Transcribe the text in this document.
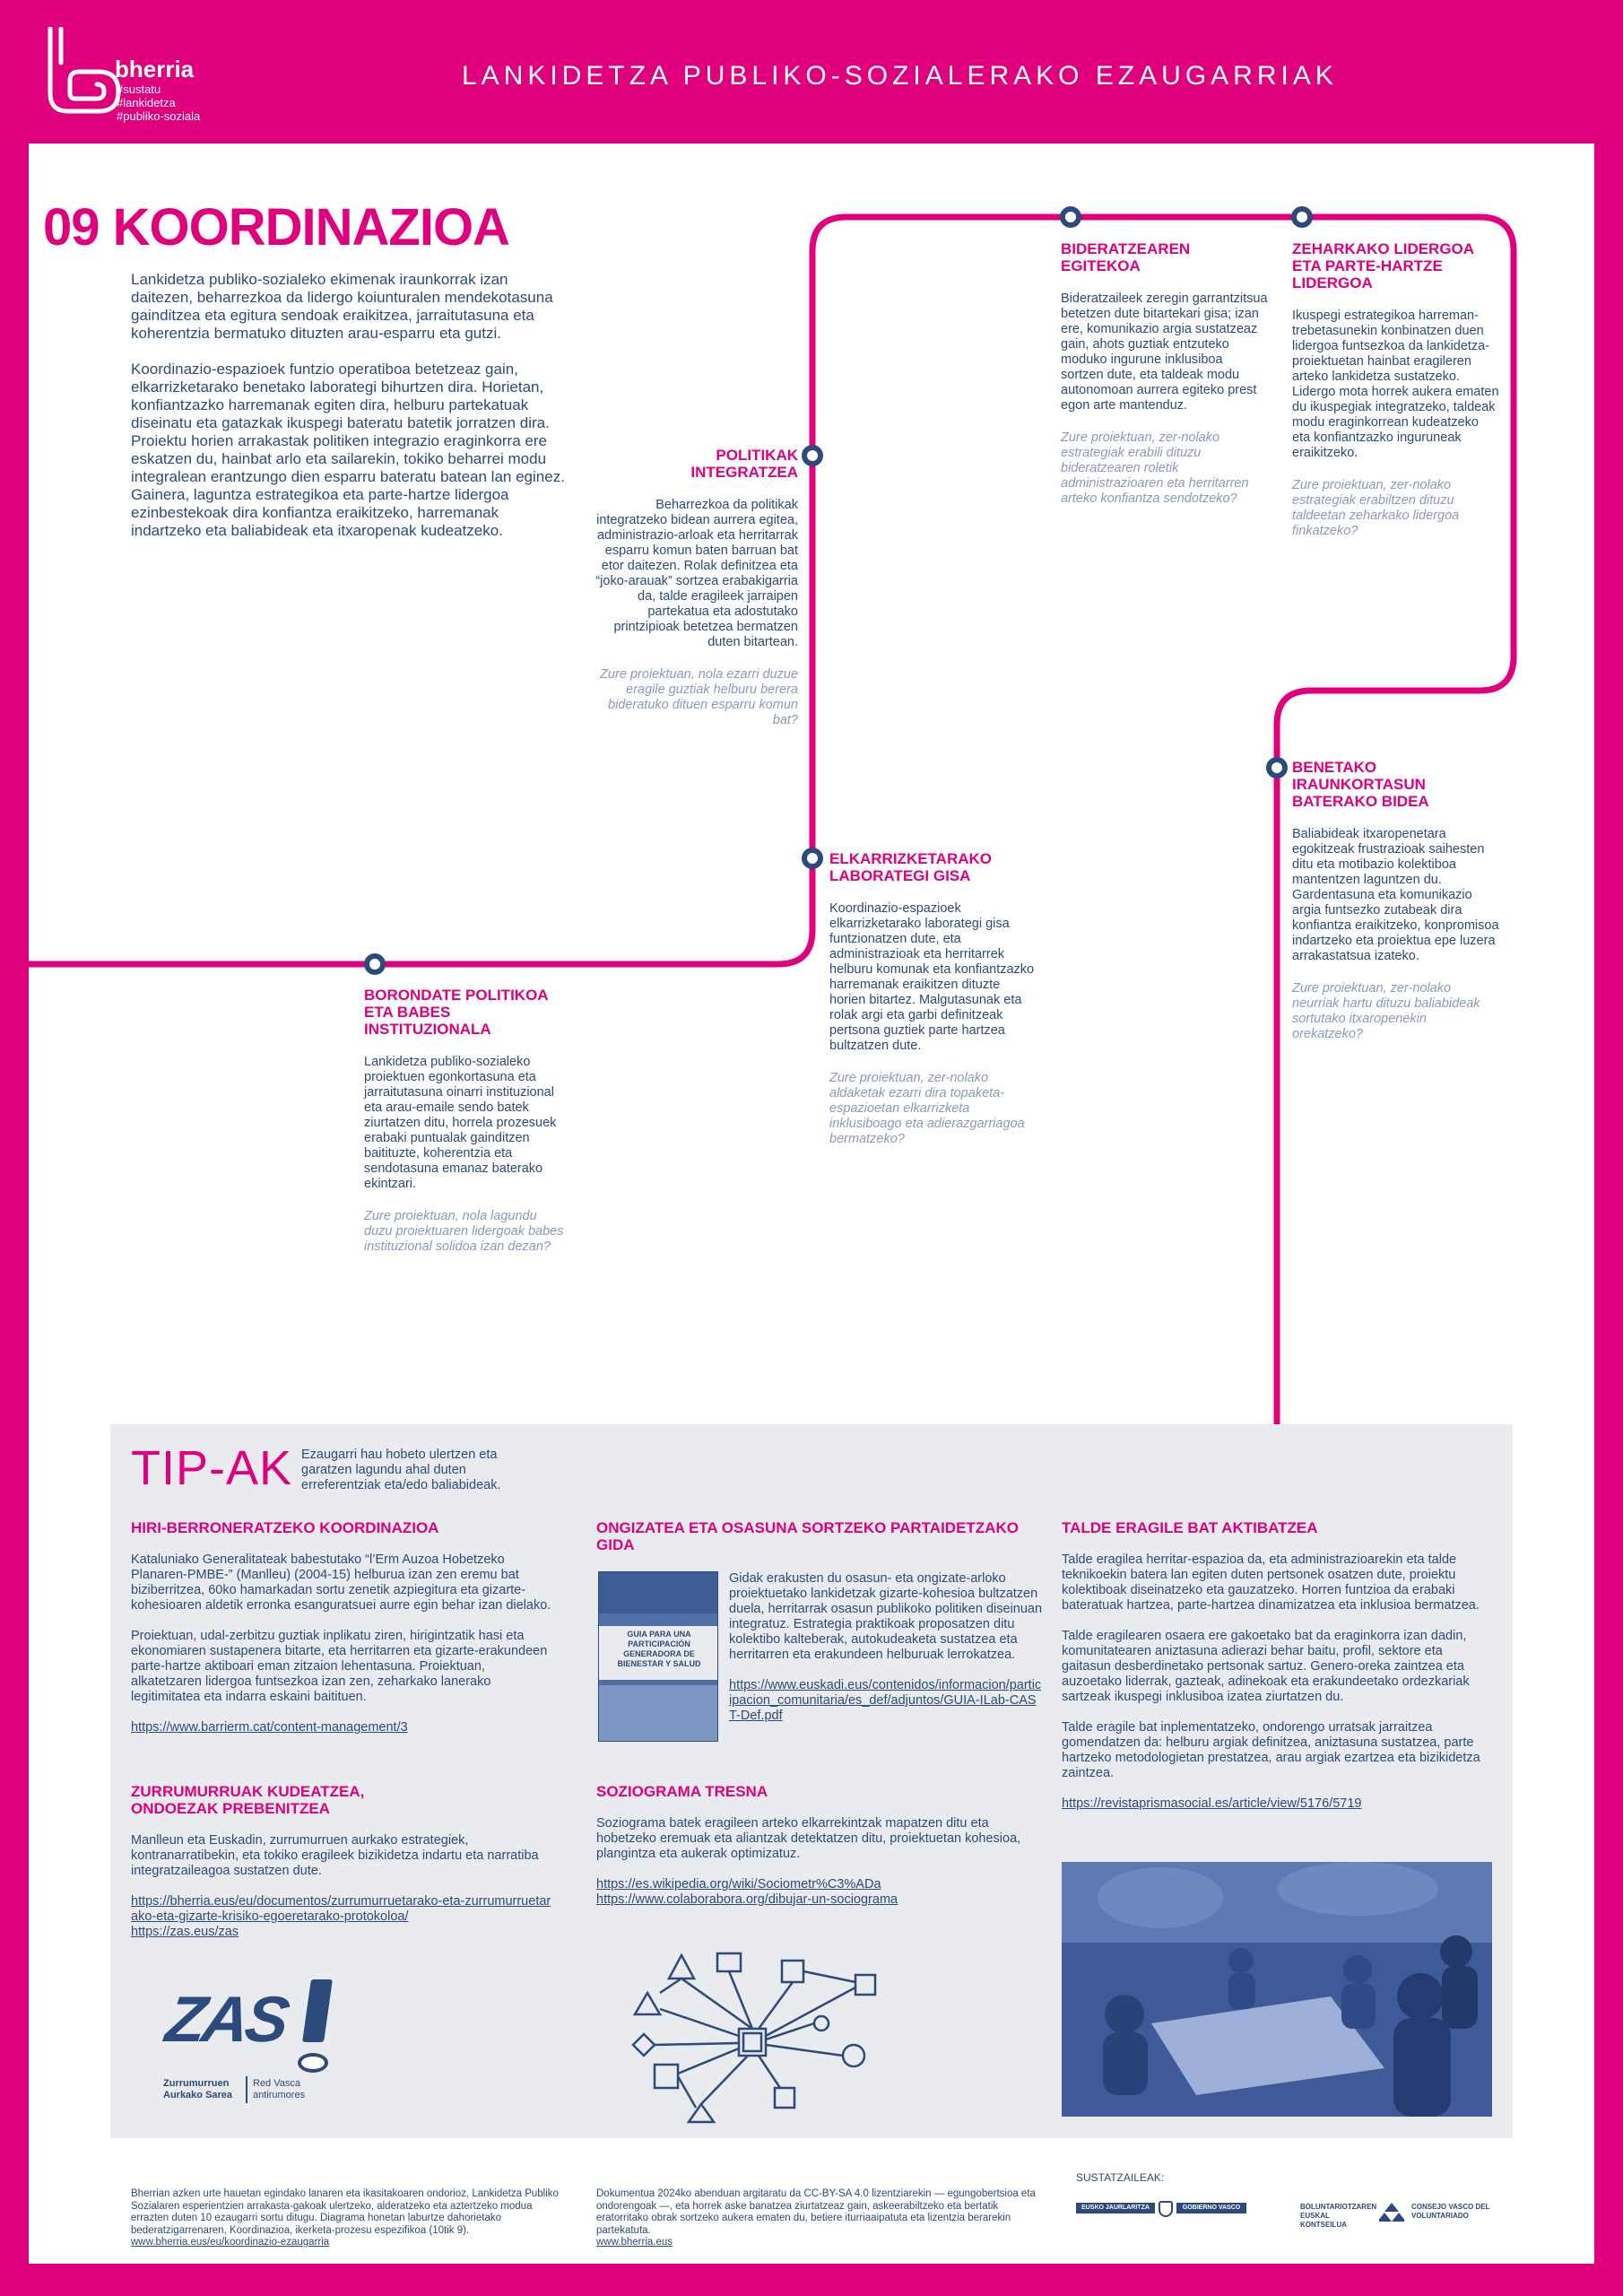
bherria
#sustatu
#lankidetza
#publiko-soziala
LANKIDETZA PUBLIKO-SOZIALERAKO EZAUGARRIAK
09 KOORDINAZIOA

Lankidetza publiko-sozialeko ekimenak iraunkorrak izan daitezen, beharrezkoa da lidergo koiunturalen mendekotasuna gainditzea eta egitura sendoak eraikitzea, jarraitutasuna eta koherentzia bermatuko dituzten arau-esparru eta gutzi.

Koordinazio-espazioek funtzio operatiboa betetzeaz gain, elkarrizketarako benetako laborategi bihurtzen dira. Horietan, konfiantzazko harremanak egiten dira, helburu partekatuak diseinatu eta gatazkak ikuspegi bateratu batetik jorratzen dira. Proiektu horien arrakastak politiken integrazio eraginkorra ere eskatzen du, hainbat arlo eta sailarekin, tokiko beharrei modu integralean erantzungo dien esparru bateratu batean lan eginez. Gainera, laguntza estrategikoa eta parte-hartze lidergoa ezinbestekoak dira konfiantza eraikitzeko, harremanak indartzeko eta baliabideak eta itxaropenak kudeatzeko.

BORONDATE POLITIKOA ETA BABES INSTITUZIONALA

Lankidetza publiko-sozialeko proiektuen egonkortasuna eta jarraitutasuna oinarri instituzional eta arau-emaile sendo batek ziurtatzen ditu, horrela prozesuek erabaki puntualak gainditzen baitituzte, koherentzia eta sendotasuna emanaz baterako ekintzari.

Zure proiektuan, nola lagundu duzu proiektuaren lidergoak babes instituzional solidoa izan dezan?

POLITIKAK INTEGRATZEA

Beharrezkoa da politikak integratzeko bidean aurrera egitea, administrazio-arloak eta herritarrak esparru komun baten barruan bat etor daitezen. Rolak definitzea eta “joko-arauak” sortzea erabakigarria da, talde eragileek jarraipen partekatua eta adostutako printzipioak betetzea bermatzen duten bitartean.

Zure proiektuan, nola ezarri duzue eragile guztiak helburu berera bideratuko dituen esparru komun bat?

ELKARRIZKETARAKO LABORATEGI GISA

Koordinazio-espazioek elkarrizketarako laborategi gisa funtzionatzen dute, eta administrazioak eta herritarrek helburu komunak eta konfiantzazko harremanak eraikitzen dituzte horien bitartez. Malgutasunak eta rolak argi eta garbi definitzeak pertsona guztiek parte hartzea bultzatzen dute.

Zure proiektuan, zer-nolako aldaketak ezarri dira topaketa-espazioetan elkarrizketa inklusiboago eta adierazgarriagoa bermatzeko?

BIDERATZEAREN EGITEKOA

Bideratzaileek zeregin garrantzitsua betetzen dute bitartekari gisa; izan ere, komunikazio argia sustatzeaz gain, ahots guztiak entzuteko moduko ingurune inklusiboa sortzen dute, eta taldeak modu autonomoan aurrera egiteko prest egon arte mantenduz.

Zure proiektuan, zer-nolako estrategiak erabili dituzu bideratzearen roletik administrazioaren eta herritarren arteko konfiantza sendotzeko?

ZEHARKAKO LIDERGOA ETA PARTE-HARTZE LIDERGOA

Ikuspegi estrategikoa harreman-trebetasunekin konbinatzen duen lidergoa funtsezkoa da lankidetza-proiektuetan hainbat eragileren arteko lankidetza sustatzeko. Lidergo mota horrek aukera ematen du ikuspegiak integratzeko, taldeak modu eraginkorrean kudeatzeko eta konfiantzazko inguruneak eraikitzeko.

Zure proiektuan, zer-nolako estrategiak erabiltzen dituzu taldeetan zeharkako lidergoa finkatzeko?

BENETAKO IRAUNKORTASUN BATERAKO BIDEA

Baliabideak itxaropenetara egokitzeak frustrazioak saihesten ditu eta motibazio kolektiboa mantentzen laguntzen du. Gardentasuna eta komunikazio argia funtsezko zutabeak dira konfiantza eraikitzeko, konpromisoa indartzeko eta proiektua epe luzera arrakastatsua izateko.

Zure proiektuan, zer-nolako neurriak hartu dituzu baliabideak sortutako itxaropenekin orekatzeko?

TIP-AK Ezaugarri hau hobeto ulertzen eta garatzen lagundu ahal duten erreferentziak eta/edo baliabideak.
HIRI-BERRONERATZEKO KOORDINAZIOA

Kataluniako Generalitateak babestutako “l’Erm Auzoa Hobetzeko Planaren-PMBE-” (Manlleu) (2004-15) helburua izan zen eremu bat biziberritzea, 60ko hamarkadan sortu zenetik azpiegitura eta gizarte-kohesioaren aldetik erronka esanguratsuei aurre egin behar izan dielako.

Proiektuan, udal-zerbitzu guztiak inplikatu ziren, hirigintzatik hasi eta ekonomiaren sustapenera bitarte, eta herritarren eta gizarte-erakundeen parte-hartze aktiboari eman zitzaion lehentasuna. Proiektuan, alkatetzaren lidergoa funtsezkoa izan zen, zeharkako lanerako legitimitatea eta indarra eskaini baitituen.

https://www.barrierm.cat/content-management/3
ZURRUMURRUAK KUDEATZEA, ONDOEZAK PREBENITZEA

Manlleun eta Euskadin, zurrumurruen aurkako estrategiek, kontranarratibekin, eta tokiko eragileek bizikidetza indartu eta narratiba integratzaileagoa sustatzen dute.

https://bherria.eus/eu/documentos/zurrumurruetarako-eta-zurrumurruetarako-eta-gizarte-krisiko-egoeretarako-protokoloa/
https://zas.eus/zas
ZAS
Zurrumurruen
Aurkako Sarea
Red Vasca
antirumores
ONGIZATEA ETA OSASUNA SORTZEKO PARTAIDETZAKO GIDA
GUIA PARA UNA PARTICIPACIÓN GENERADORA DE BIENESTAR Y SALUD

Gidak erakusten du osasun- eta ongizate-arloko proiektuetako lankidetzak gizarte-kohesioa bultzatzen duela, herritarrak osasun publikoko politiken diseinuan integratuz. Estrategia praktikoak proposatzen ditu kolektibo kalteberak, autokudeaketa sustatzea eta herritarren eta erakundeen helburuak lerrokatzea.

https://www.euskadi.eus/contenidos/informacion/participacion_comunitaria/es_def/adjuntos/GUIA-ILab-CAST-Def.pdf
SOZIOGRAMA TRESNA

Soziograma batek eragileen arteko elkarrekintzak mapatzen ditu eta hobetzeko eremuak eta aliantzak detektatzen ditu, proiektuetan kohesioa, plangintza eta aukerak optimizatuz.

https://es.wikipedia.org/wiki/Sociometr%C3%ADa
https://www.colaborabora.org/dibujar-un-sociograma
TALDE ERAGILE BAT AKTIBATZEA

Talde eragilea herritar-espazioa da, eta administrazioarekin eta talde teknikoekin batera lan egiten duten pertsonek osatzen dute, proiektu kolektiboak diseinatzeko eta gauzatzeko. Horren funtzioa da erabaki bateratuak hartzea, parte-hartzea dinamizatzea eta inklusioa bermatzea.

Talde eragilearen osaera ere gakoetako bat da eraginkorra izan dadin, komunitatearen aniztasuna adierazi behar baitu, profil, sektore eta gaitasun desberdinetako pertsonak sartuz. Genero-oreka zaintzea eta auzoetako liderrak, gazteak, adinekoak eta erakundeetako ordezkariak sartzeak ikuspegi inklusiboa izatea ziurtatzen du.

Talde eragile bat inplementatzeko, ondorengo urratsak jarraitzea gomendatzen da: helburu argiak definitzea, aniztasuna sustatzea, parte hartzeko metodologietan prestatzea, arau argiak ezartzea eta bizikidetza zaintzea.

https://revistaprismasocial.es/article/view/5176/5719
Bherrian azken urte hauetan egindako lanaren eta ikasitakoaren ondorioz, Lankidetza Publiko Sozialaren esperientzien arrakasta-gakoak ulertzeko, alderatzeko eta aztertzeko modua errazten duten 10 ezaugarri sortu ditugu. Diagrama honetan laburtze dahorietako bederatzigarrenaren, Koordinazioa, ikerketa-prozesu espezifikoa (10tik 9).
www.bherria.eus/eu/koordinazio-ezaugarria
Dokumentua 2024ko abenduan argitaratu da CC-BY-SA 4.0 lizentziarekin — egungobertsioa eta ondorengoak —, eta horrek aske banatzea ziurtatzeaz gain, askeerabiltzeko eta bertatik eratorritako obrak sortzeko aukera ematen du, betiere iturriaaipatuta eta lizentzia berarekin partekatuta.
www.bherria.eus
SUSTATZAILEAK:
EUSKO JAURLARITZA	GOBIERNO VASCO	BOLUNTARIOTZAREN EUSKAL KONTSEILUA
CONSEJO VASCO DEL VOLUNTARIADO
